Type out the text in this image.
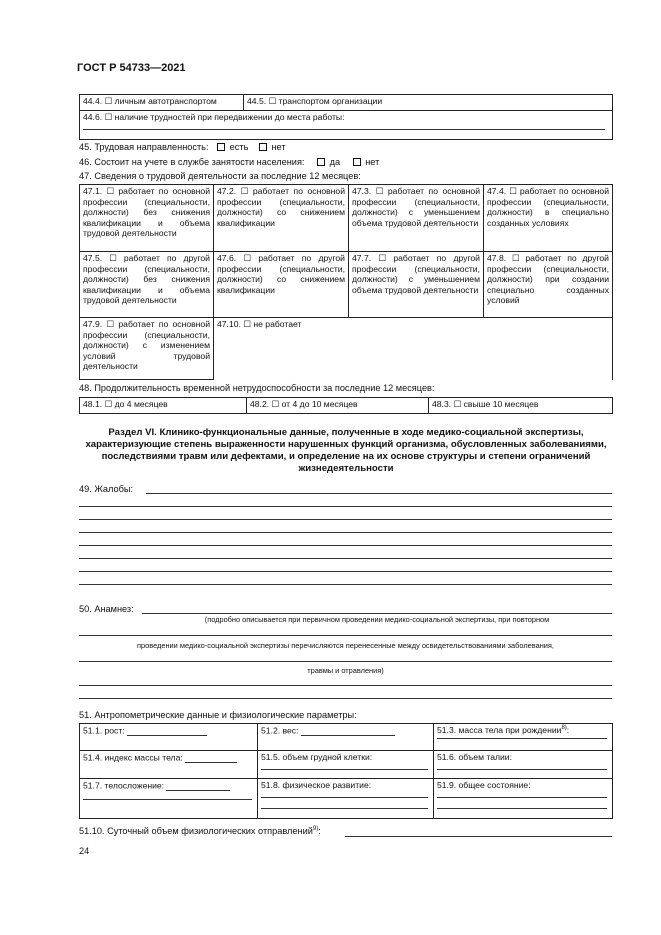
ГОСТ Р 54733—2021
44.4. ☐ личным автотранспортом	44.5. ☐ транспортом организации

44.6. ☐ наличие трудностей при передвижении до места работы:
45. Трудовая направленность: есть	нет
46. Состоит на учете в службе занятости населения:	да	нет
47. Сведения о трудовой деятельности за последние 12 месяцев:
47.1. ☐ работает по основной профессии (специальности, должности) без снижения квалификации и объема трудовой деятельности	47.2. ☐ работает по основной профессии (специальности, должности) со снижением квалификации	47.3. ☐ работает по основной профессии (специальности, должности) с уменьшением объема трудовой деятельности	47.4. ☐ работает по основной профессии (специальности, должности) в специально созданных условиях
47.5. ☐ работает по другой профессии (специальности, должности) без снижения квалификации и объема трудовой деятельности	47.6. ☐ работает по другой профессии (специальности, должности) со снижением квалификации	47.7. ☐ работает по другой профессии (специальности, должности) с уменьшением объема трудовой деятельности	47.8. ☐ работает по другой профессии (специальности, должности) при создании специально созданных условий
47.9. ☐ работает по основной профессии (специальности, должности) с изменением условий трудовой деятельности	47.10. ☐ не работает		
48. Продолжительность временной нетрудоспособности за последние 12 месяцев:
48.1. ☐ до 4 месяцев	48.2. ☐ от 4 до 10 месяцев	48.3. ☐ свыше 10 месяцев
Раздел VI. Клинико-функциональные данные, полученные в ходе медико-социальной экспертизы,
характеризующие степень выраженности нарушенных функций организма, обусловленных заболеваниями,
последствиями травм или дефектами, и определение на их основе структуры и степени ограничений
жизнедеятельности
49. Жалобы:
50. Анамнез:
(подробно описывается при первичном проведении медико-социальной экспертизы, при повторном
проведении медико-социальной экспертизы перечисляются перенесенные между освидетельствованиями заболевания,
травмы и отравления)
51. Антропометрические данные и физиологические параметры:
51.1. рост:	51.2. вес:	51.3. масса тела при рождении$^{8)}$:

51.4. индекс массы тела:	51.5. объем грудной клетки:	51.6. объем талии:

51.7. телосложение:	51.8. физическое развитие:	51.9. общее состояние:
51.10. Суточный объем физиологических отправлений$^{9)}$:
24
